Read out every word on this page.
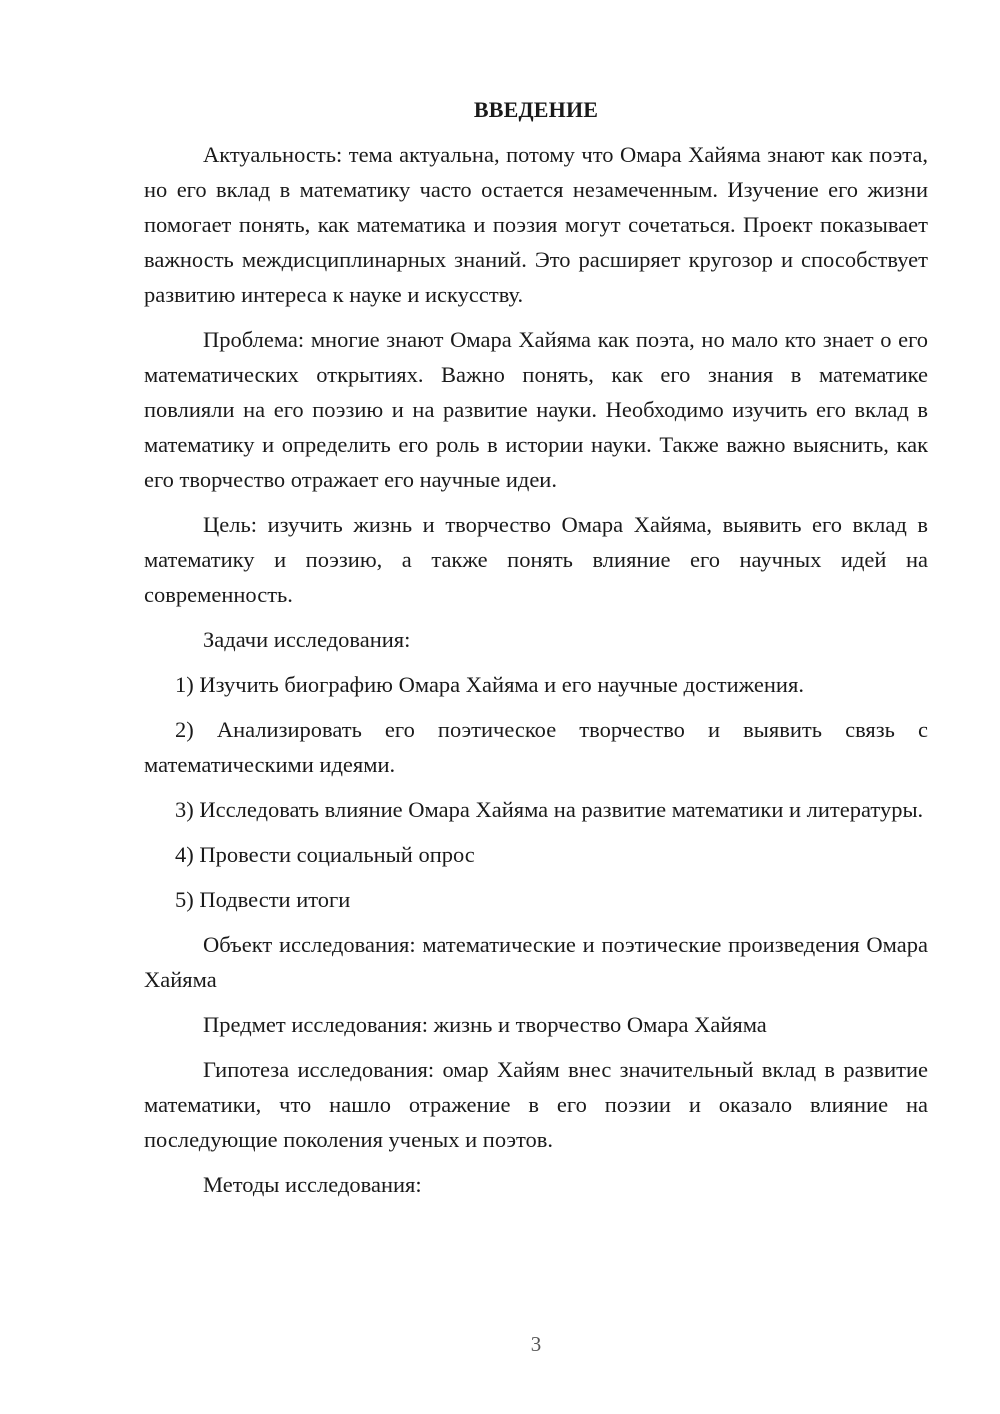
ВВЕДЕНИЕ

Актуальность: тема актуальна, потому что Омара Хайяма знают как поэта, но его вклад в математику часто остается незамеченным. Изучение его жизни помогает понять, как математика и поэзия могут сочетаться. Проект показывает важность междисциплинарных знаний. Это расширяет кругозор и способствует развитию интереса к науке и искусству.

Проблема: многие знают Омара Хайяма как поэта, но мало кто знает о его математических открытиях. Важно понять, как его знания в математике повлияли на его поэзию и на развитие науки. Необходимо изучить его вклад в математику и определить его роль в истории науки. Также важно выяснить, как его творчество отражает его научные идеи.

Цель: изучить жизнь и творчество Омара Хайяма, выявить его вклад в математику и поэзию, а также понять влияние его научных идей на современность.

Задачи исследования:

1) Изучить биографию Омара Хайяма и его научные достижения.

2) Анализировать его поэтическое творчество и выявить связь с математическими идеями.

3) Исследовать влияние Омара Хайяма на развитие математики и литературы.

4) Провести социальный опрос

5) Подвести итоги

Объект исследования: математические и поэтические произведения Омара Хайяма

Предмет исследования: жизнь и творчество Омара Хайяма

Гипотеза исследования: омар Хайям внес значительный вклад в развитие математики, что нашло отражение в его поэзии и оказало влияние на последующие поколения ученых и поэтов.

Методы исследования:

3
